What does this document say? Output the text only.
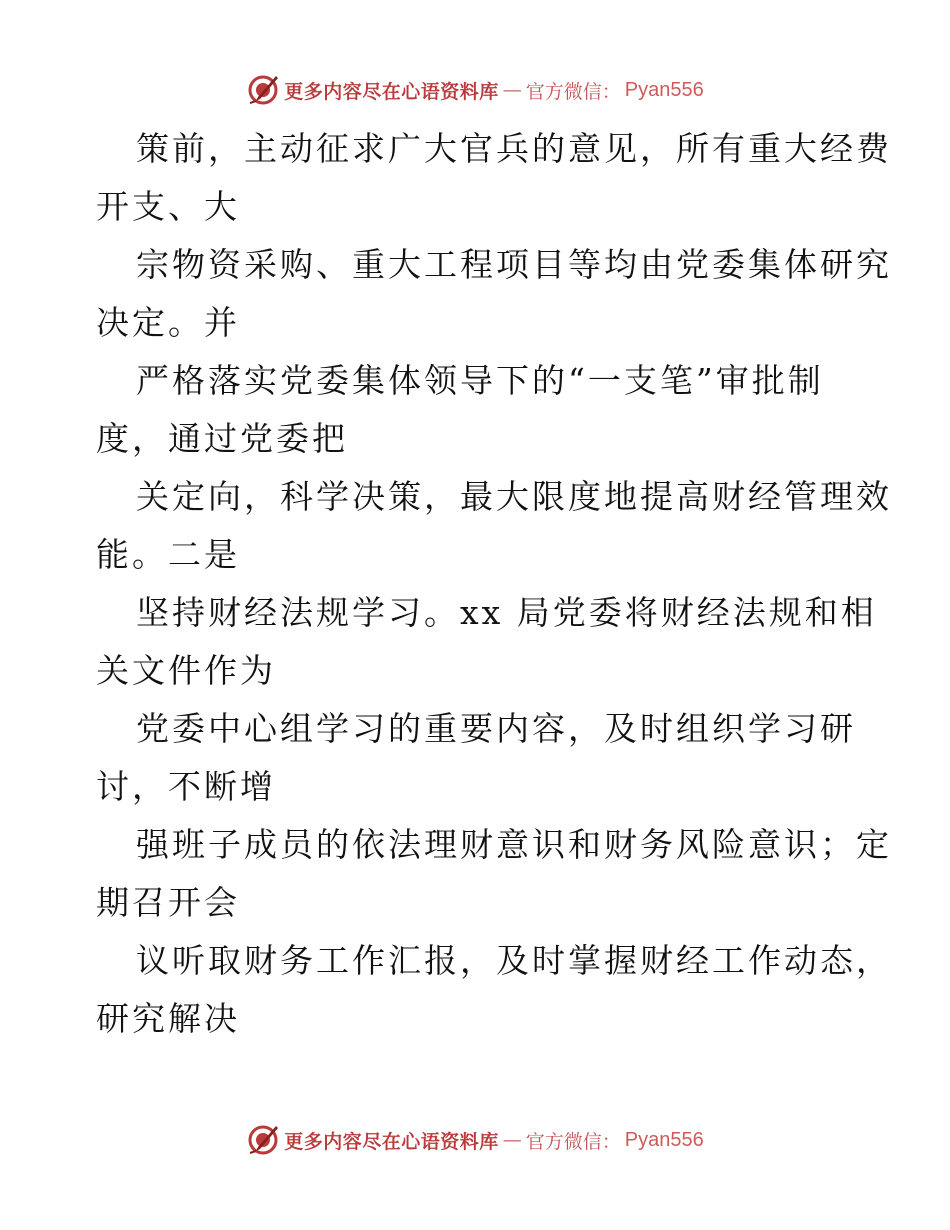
更多内容尽在心语资料库 — 官方微信： Pyan556
策前，主动征求广大官兵的意见，所有重大经费
开支、大
宗物资采购、重大工程项目等均由党委集体研究
决定。并
严格落实党委集体领导下的“一支笔”审批制
度，通过党委把
关定向，科学决策，最大限度地提高财经管理效
能。二是
坚持财经法规学习。xx 局党委将财经法规和相
关文件作为
党委中心组学习的重要内容，及时组织学习研
讨，不断增
强班子成员的依法理财意识和财务风险意识；定
期召开会
议听取财务工作汇报，及时掌握财经工作动态，
研究解决
更多内容尽在心语资料库 — 官方微信： Pyan556
